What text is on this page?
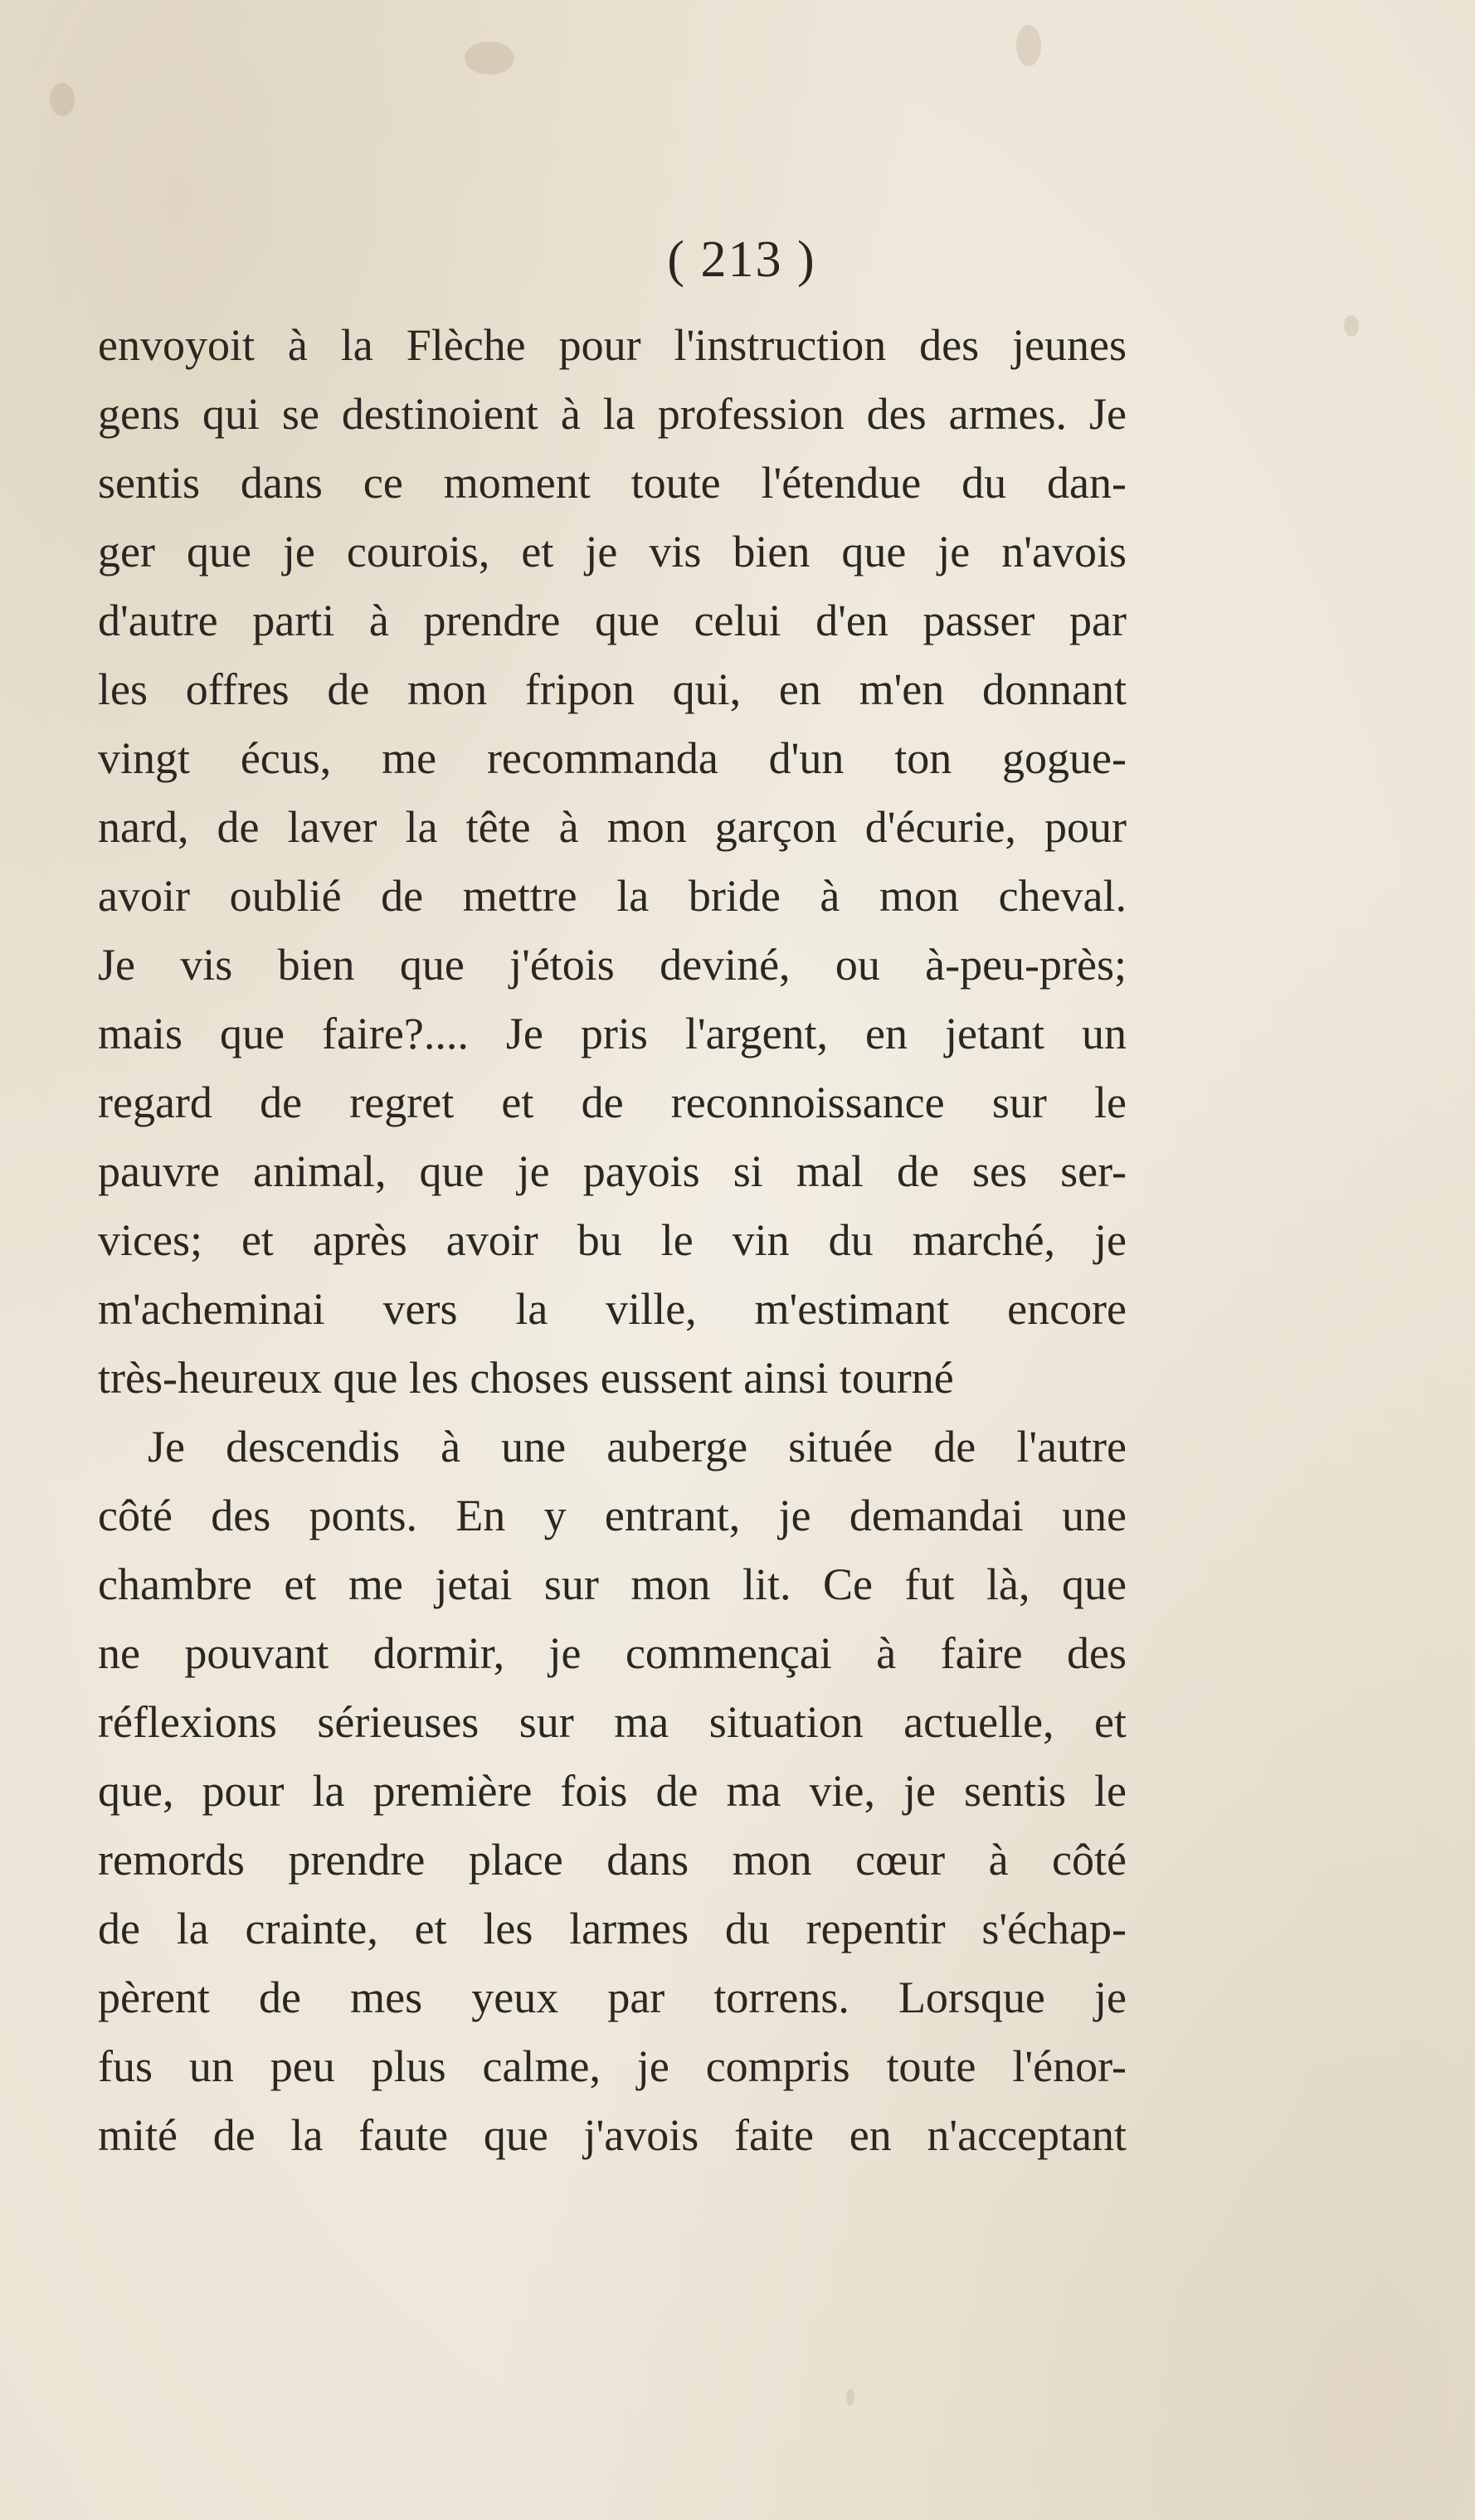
( 213 )
envoyoit à la Flèche pour l'instruction des jeunes
gens qui se destinoient à la profession des armes. Je
sentis dans ce moment toute l'étendue du dan-
ger que je courois, et je vis bien que je n'avois
d'autre parti à prendre que celui d'en passer par
les offres de mon fripon qui, en m'en donnant
vingt écus, me recommanda d'un ton gogue-
nard, de laver la tête à mon garçon d'écurie, pour
avoir oublié de mettre la bride à mon cheval.
Je vis bien que j'étois deviné, ou à-peu-près;
mais que faire?.... Je pris l'argent, en jetant un
regard de regret et de reconnoissance sur le
pauvre animal, que je payois si mal de ses ser-
vices; et après avoir bu le vin du marché, je
m'acheminai vers la ville, m'estimant encore
très-heureux que les choses eussent ainsi tourné
Je descendis à une auberge située de l'autre
côté des ponts. En y entrant, je demandai une
chambre et me jetai sur mon lit. Ce fut là, que
ne pouvant dormir, je commençai à faire des
réflexions sérieuses sur ma situation actuelle, et
que, pour la première fois de ma vie, je sentis le
remords prendre place dans mon cœur à côté
de la crainte, et les larmes du repentir s'échap-
pèrent de mes yeux par torrens. Lorsque je
fus un peu plus calme, je compris toute l'énor-
mité de la faute que j'avois faite en n'acceptant
